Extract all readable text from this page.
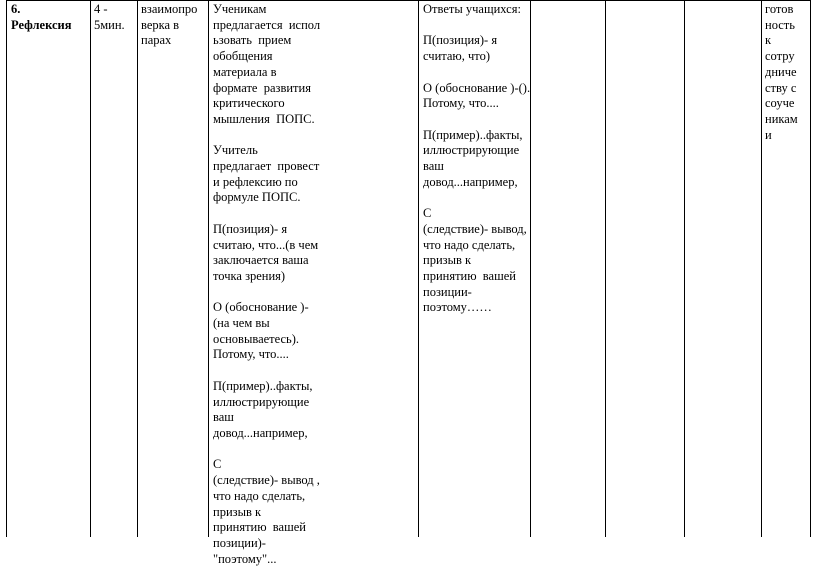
6.
Рефлексия
4 -
5мин.
взаимопро
верка в
парах
Ученикам
предлагается  испол
ьзовать  прием
обобщения
материала в
формате  развития
критического
мышления  ПОПС.

Учитель
предлагает  провест
и рефлексию по
формуле ПОПС.

П(позиция)- я
считаю, что...(в чем
заключается ваша
точка зрения)

О (обоснование )-
(на чем вы
основываетесь).
Потому, что....

П(пример)..факты,
иллюстрирующие
ваш
довод...например,

С
(следствие)- вывод ,
что надо сделать,
призыв к
принятию  вашей
позиции)-
"поэтому"...
Ответы учащихся:

П(позиция)- я
считаю, что)

О (обоснование )-().
Потому, что....

П(пример)..факты,
иллюстрирующие
ваш
довод...например,

С
(следствие)- вывод,
что надо сделать,
призыв к
принятию  вашей
позиции-
поэтому……
готов
ность
к
сотру
дниче
ству с
соуче
никам
и
